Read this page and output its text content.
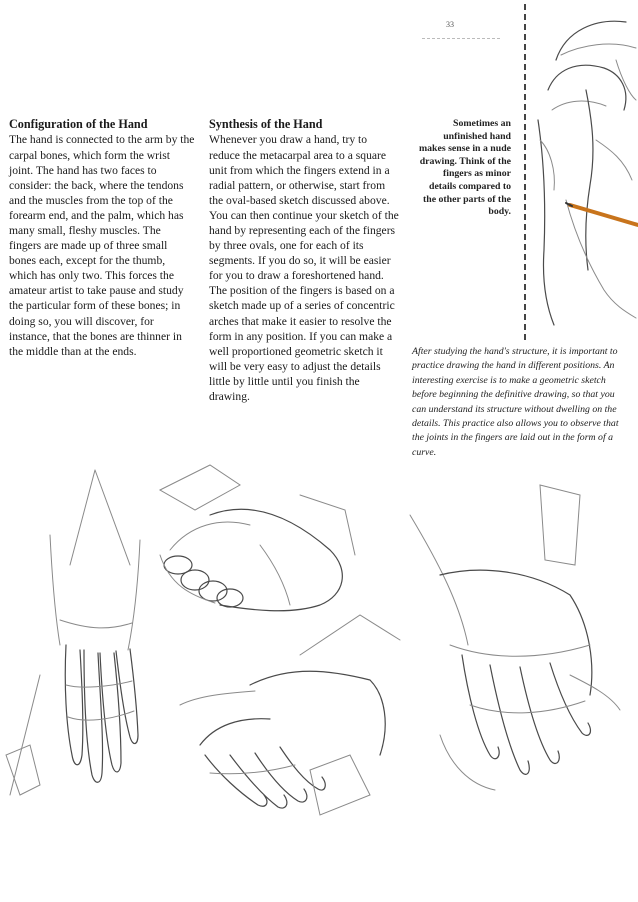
33
Configuration of the Hand

The hand is connected to the arm by the carpal bones, which form the wrist joint. The hand has two faces to consider: the back, where the tendons and the muscles from the top of the forearm end, and the palm, which has many small, fleshy muscles. The fingers are made up of three small bones each, except for the thumb, which has only two. This forces the amateur artist to take pause and study the particular form of these bones; in doing so, you will discover, for instance, that the bones are thinner in the middle than at the ends.

Synthesis of the Hand

Whenever you draw a hand, try to reduce the metacarpal area to a square unit from which the fingers extend in a radial pattern, or otherwise, start from the oval-based sketch discussed above. You can then continue your sketch of the hand by representing each of the fingers by three ovals, one for each of its segments. If you do so, it will be easier for you to draw a foreshortened hand. The position of the fingers is based on a sketch made up of a series of concentric arches that make it easier to resolve the form in any position. If you can make a well proportioned geometric sketch it will be very easy to adjust the details little by little until you finish the drawing.

Sometimes an unfinished hand makes sense in a nude drawing. Think of the fingers as minor details compared to the other parts of the body.
After studying the hand's structure, it is important to practice drawing the hand in different positions. An interesting exercise is to make a geometric sketch before beginning the definitive drawing, so that you can understand its structure without dwelling on the details. This practice also allows you to observe that the joints in the fingers are laid out in the form of a curve.
